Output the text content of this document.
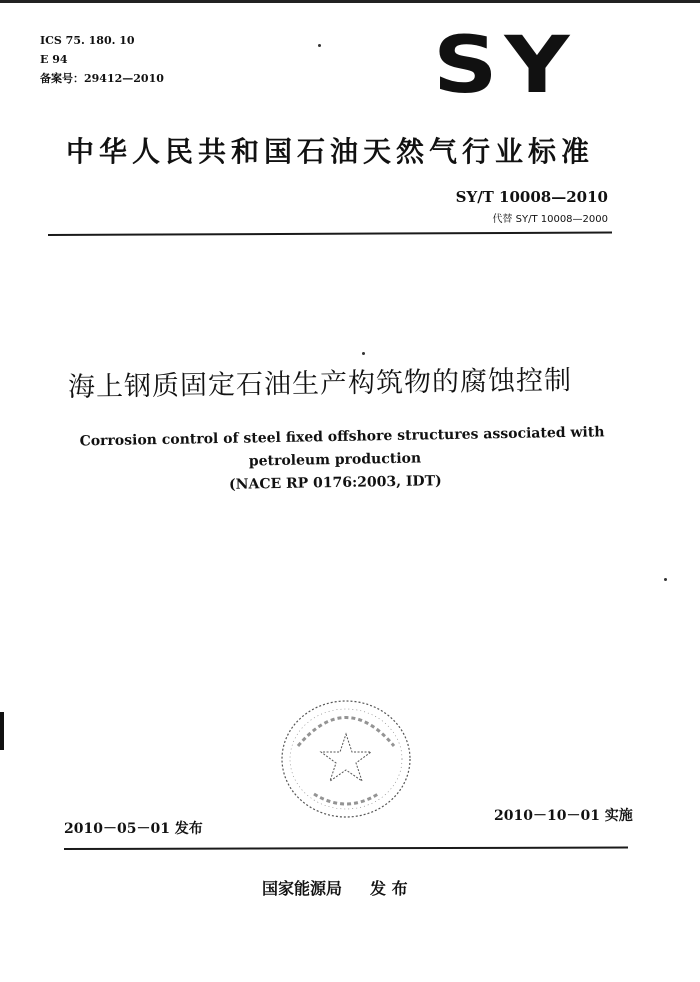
ICS 75. 180. 10
E 94
备案号：29412—2010	SY
中华人民共和国石油天然气行业标准
SY/T 10008—2010
代替 SY/T 10008—2000
海上钢质固定石油生产构筑物的腐蚀控制
Corrosion control of steel fixed offshore structures associated with
petroleum production
(NACE RP 0176:2003, IDT)
2010－05－01 发布
2010－10－01 实施
国家能源局 发 布
